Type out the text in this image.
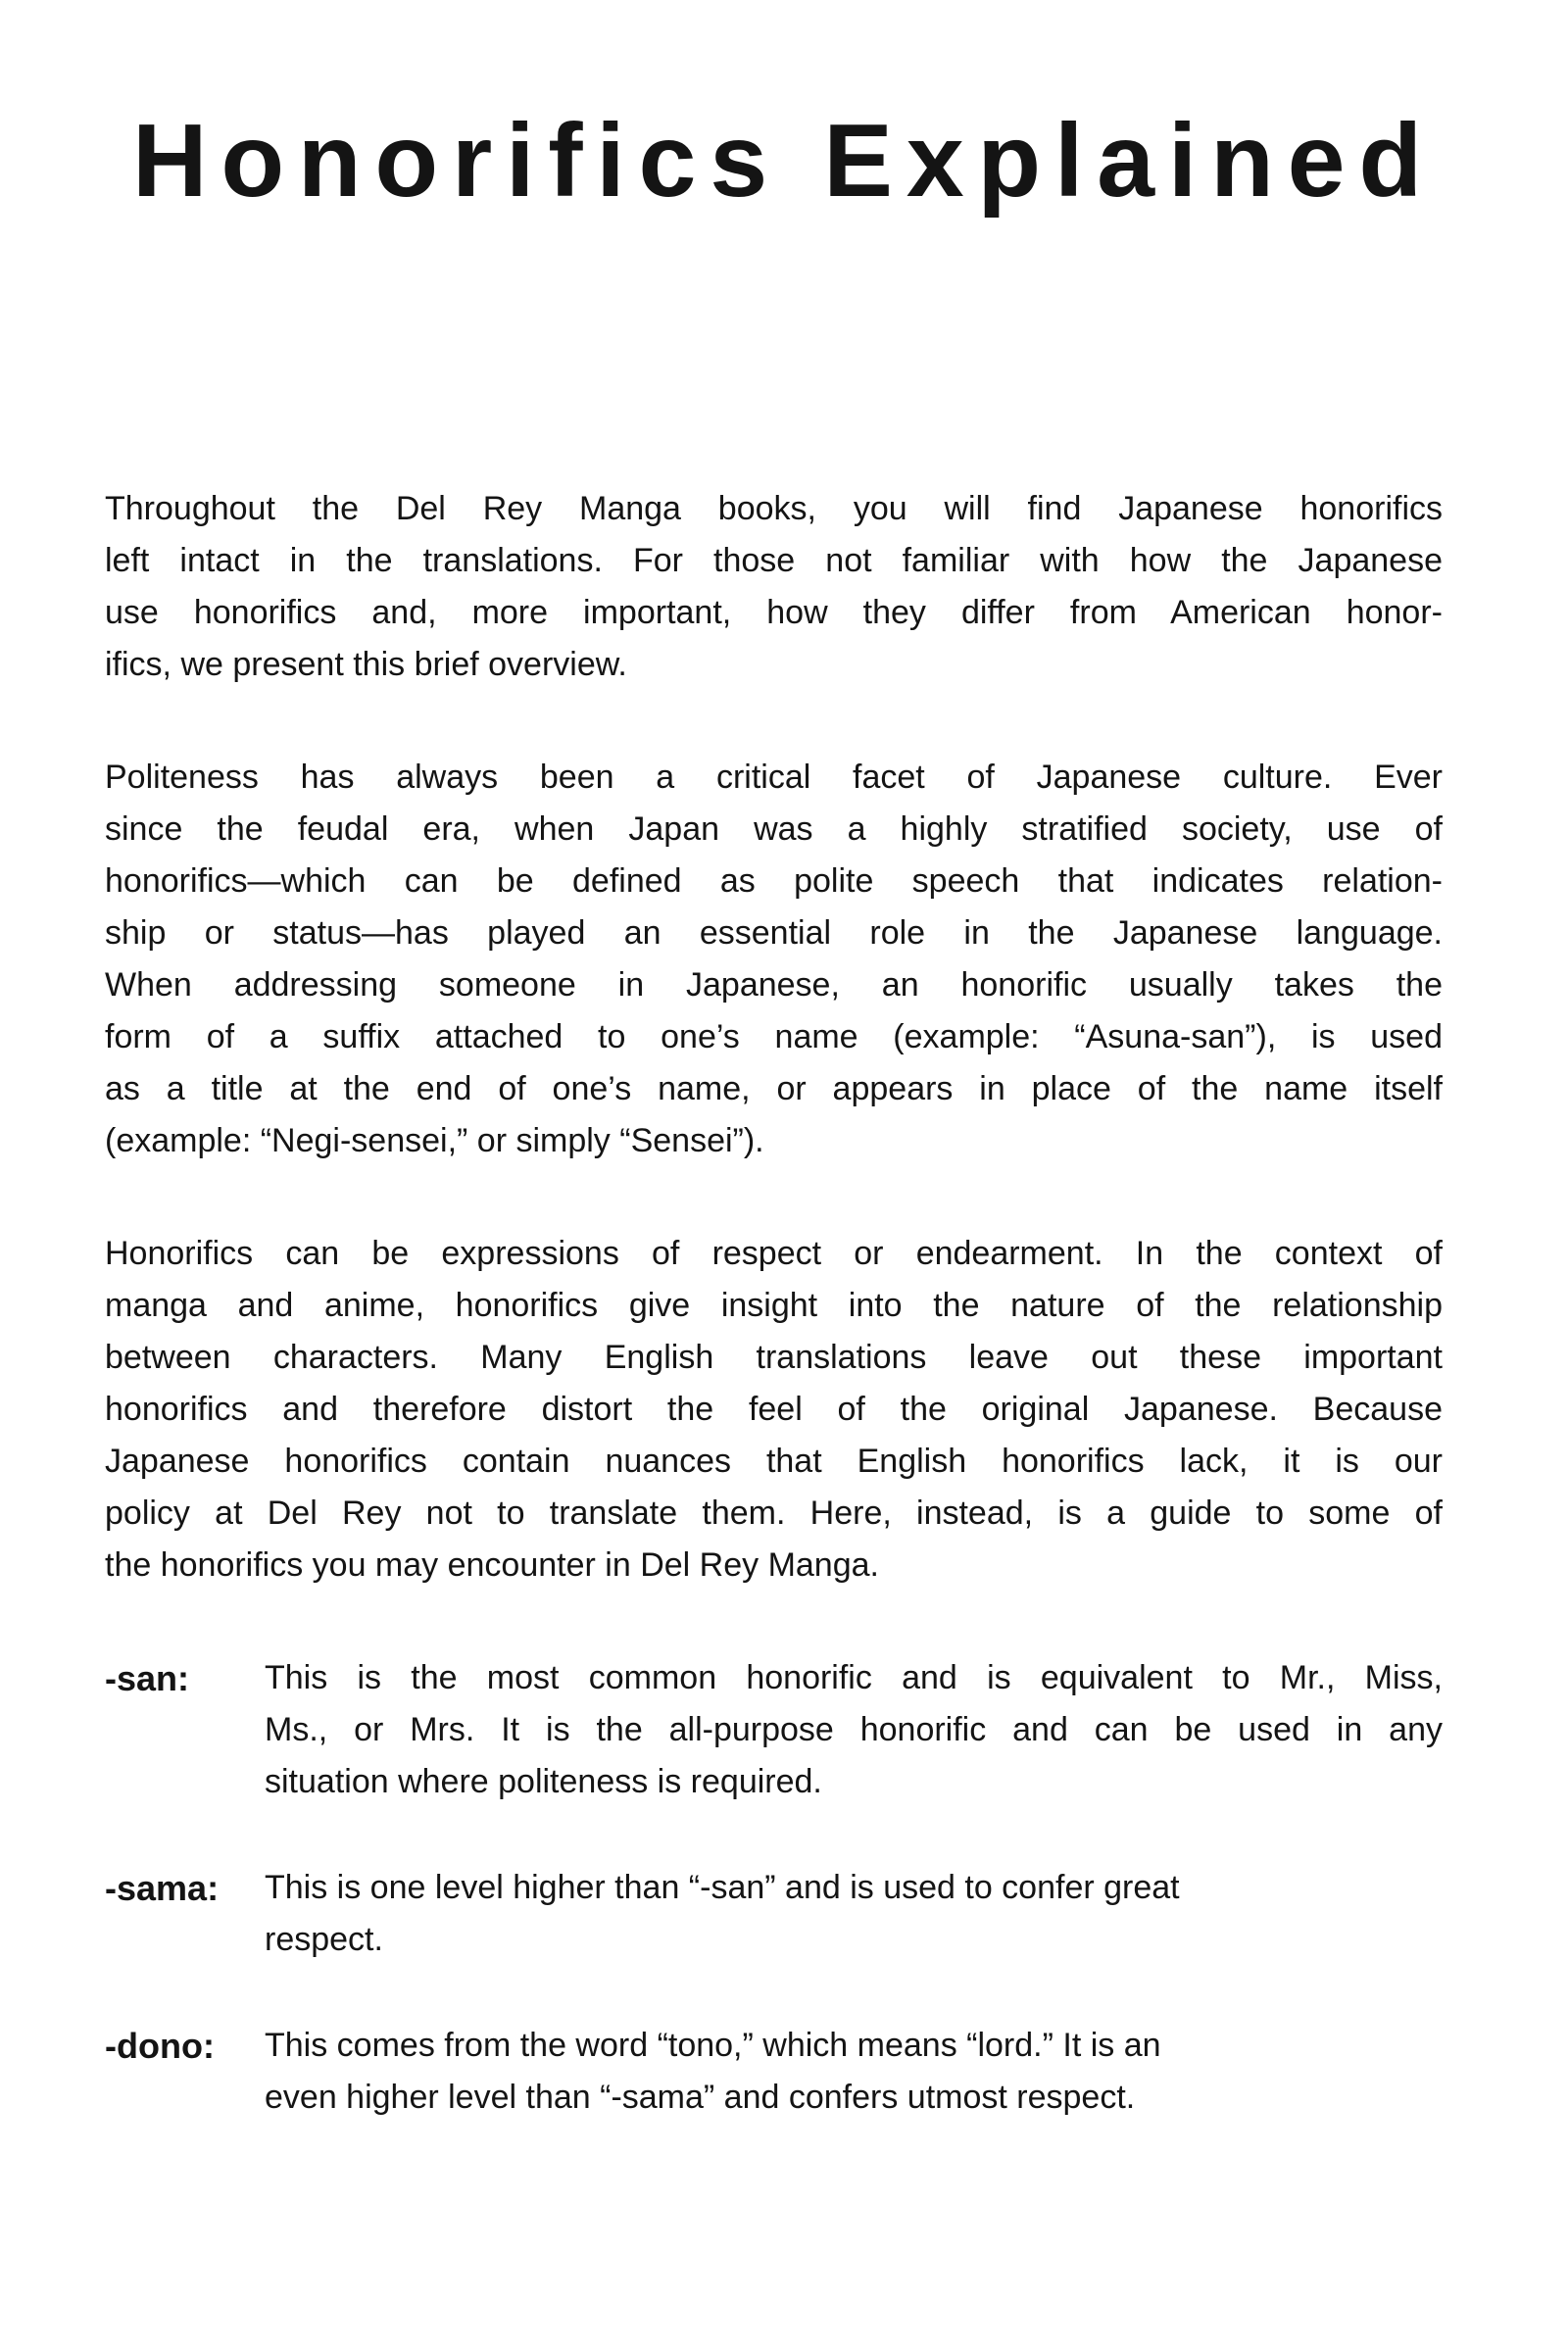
Honorifics Explained
Throughout the Del Rey Manga books, you will find Japanese honorifics
left intact in the translations. For those not familiar with how the Japanese
use honorifics and, more important, how they differ from American honor-
ifics, we present this brief overview.
Politeness has always been a critical facet of Japanese culture. Ever
since the feudal era, when Japan was a highly stratified society, use of
honorifics—which can be defined as polite speech that indicates relation-
ship or status—has played an essential role in the Japanese language.
When addressing someone in Japanese, an honorific usually takes the
form of a suffix attached to one’s name (example: “Asuna-san”), is used
as a title at the end of one’s name, or appears in place of the name itself
(example: “Negi-sensei,” or simply “Sensei”).
Honorifics can be expressions of respect or endearment. In the context of
manga and anime, honorifics give insight into the nature of the relationship
between characters. Many English translations leave out these important
honorifics and therefore distort the feel of the original Japanese. Because
Japanese honorifics contain nuances that English honorifics lack, it is our
policy at Del Rey not to translate them. Here, instead, is a guide to some of
the honorifics you may encounter in Del Rey Manga.
-san:	This is the most common honorific and is equivalent to Mr., Miss,
Ms., or Mrs. It is the all-purpose honorific and can be used in any
situation where politeness is required.
-sama:	This is one level higher than “-san” and is used to confer great
respect.
-dono:	This comes from the word “tono,” which means “lord.” It is an
even higher level than “-sama” and confers utmost respect.
